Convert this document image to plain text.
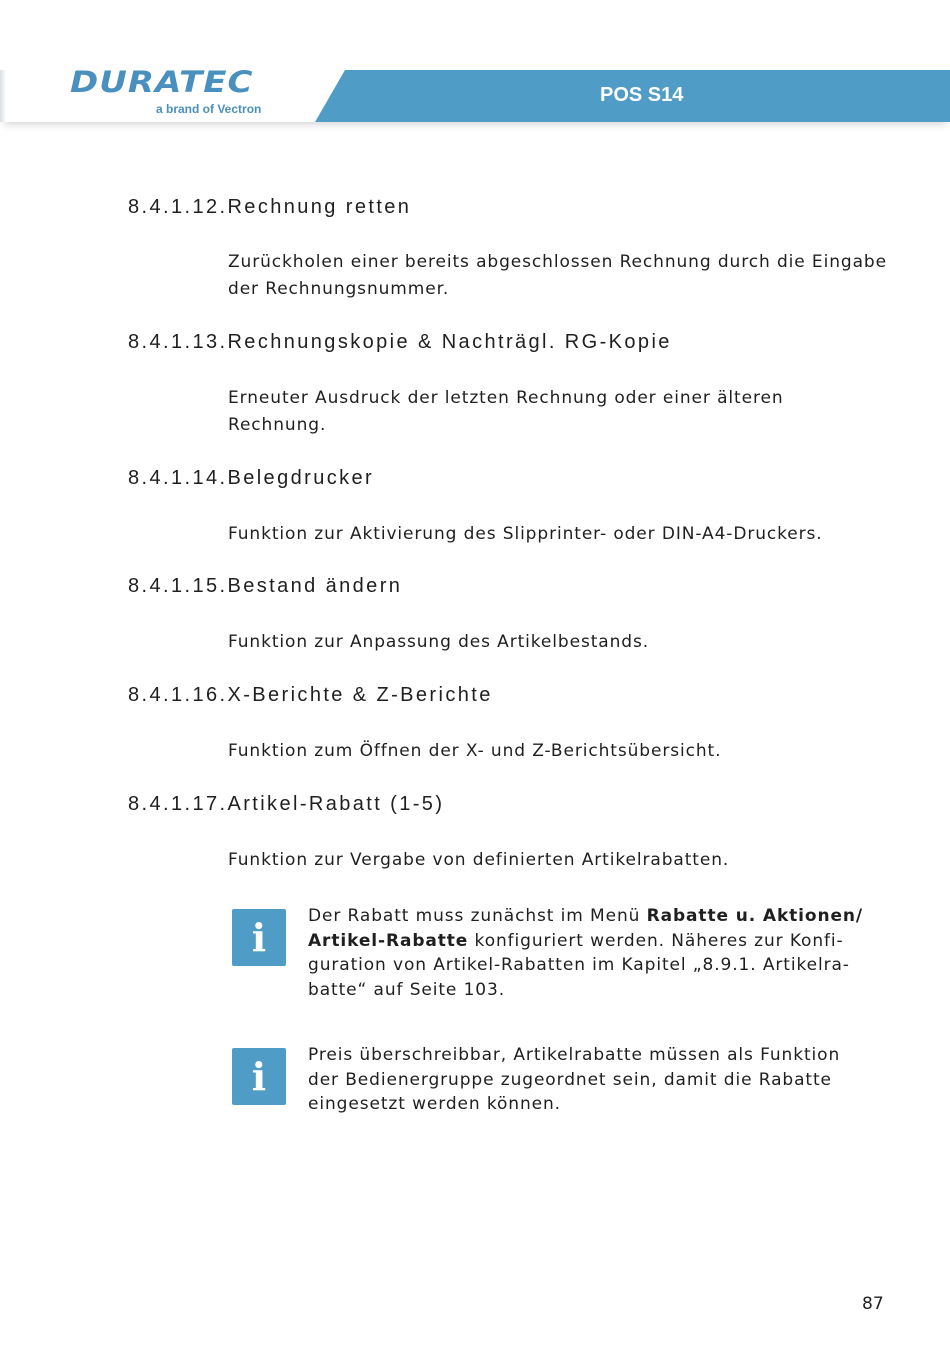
DURATEC
a brand of Vectron
POS S14
8.4.1.12.Rechnung retten
Zurückholen einer bereits abgeschlossen Rechnung durch die Eingabe
der Rechnungsnummer.
8.4.1.13.Rechnungskopie & Nachträgl. RG-Kopie
Erneuter Ausdruck der letzten Rechnung oder einer älteren
Rechnung.
8.4.1.14.Belegdrucker
Funktion zur Aktivierung des Slipprinter- oder DIN-A4-Druckers.
8.4.1.15.Bestand ändern
Funktion zur Anpassung des Artikelbestands.
8.4.1.16.X-Berichte & Z-Berichte
Funktion zum Öffnen der X- und Z-Berichtsübersicht.
8.4.1.17.Artikel-Rabatt (1-5)
Funktion zur Vergabe von definierten Artikelrabatten.
i	Der Rabatt muss zunächst im Menü Rabatte u. Aktionen/
Artikel-Rabatte konfiguriert werden. Näheres zur Konfi-
guration von Artikel-Rabatten im Kapitel „8.9.1. Artikelra-
batte“ auf Seite 103.
i	Preis überschreibbar, Artikelrabatte müssen als Funktion
der Bedienergruppe zugeordnet sein, damit die Rabatte
eingesetzt werden können.
87
